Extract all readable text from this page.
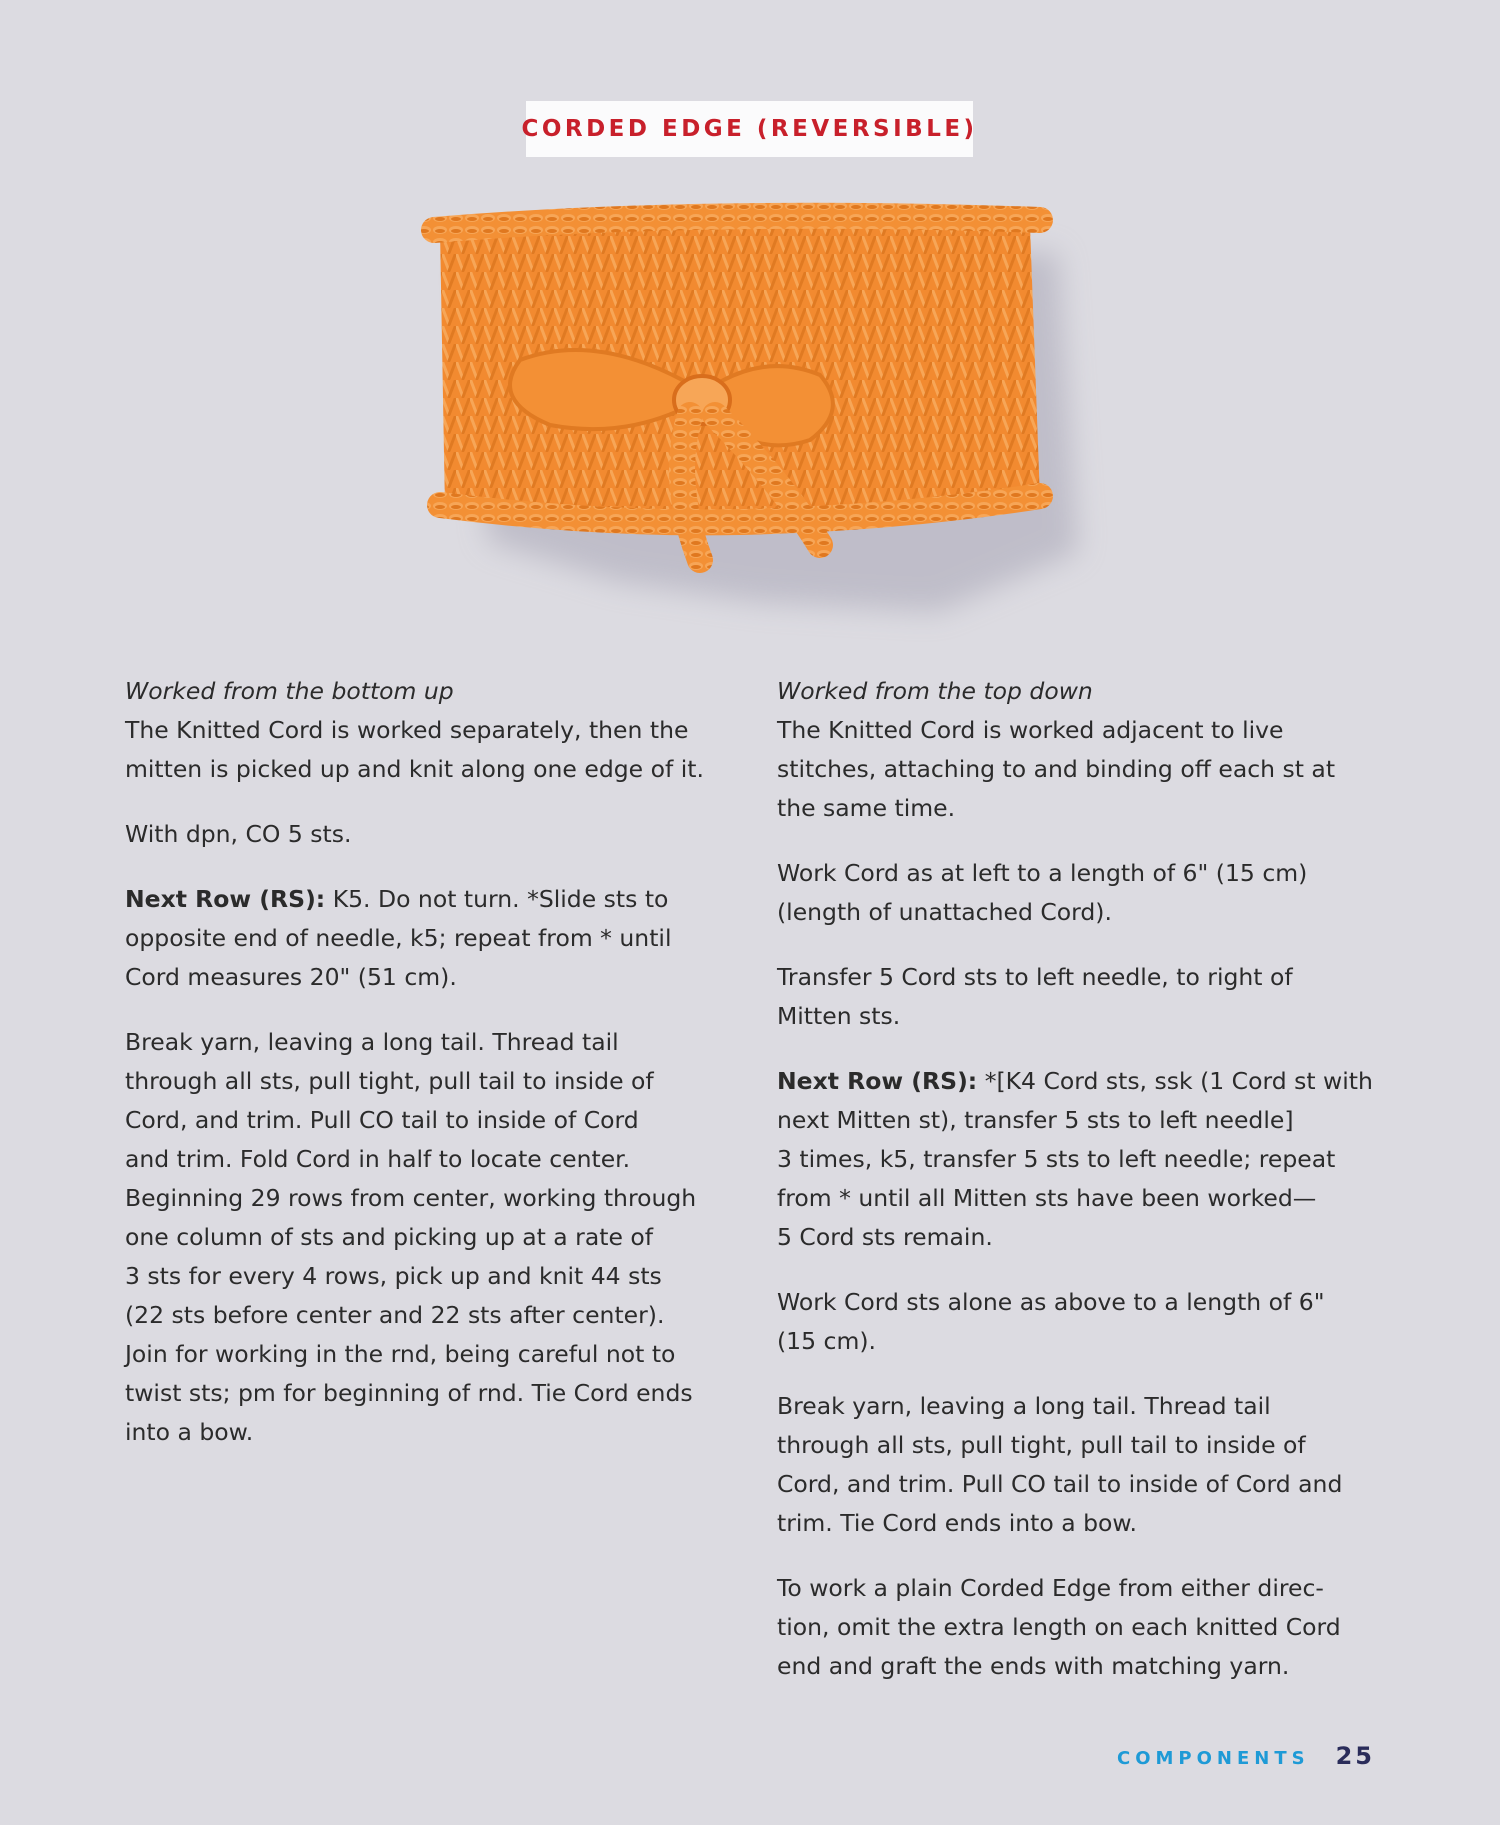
CORDED EDGE (REVERSIBLE)

Worked from the bottom up

The Knitted Cord is worked separately, then the
mitten is picked up and knit along one edge of it.

With dpn, CO 5 sts.

Next Row (RS): K5. Do not turn. *Slide sts to
opposite end of needle, k5; repeat from * until
Cord measures 20" (51 cm).

Break yarn, leaving a long tail. Thread tail
through all sts, pull tight, pull tail to inside of
Cord, and trim. Pull CO tail to inside of Cord
and trim. Fold Cord in half to locate center.
Beginning 29 rows from center, working through
one column of sts and picking up at a rate of
3 sts for every 4 rows, pick up and knit 44 sts
(22 sts before center and 22 sts after center).
Join for working in the rnd, being careful not to
twist sts; pm for beginning of rnd. Tie Cord ends
into a bow.

Worked from the top down

The Knitted Cord is worked adjacent to live
stitches, attaching to and binding off each st at
the same time.

Work Cord as at left to a length of 6" (15 cm)
(length of unattached Cord).

Transfer 5 Cord sts to left needle, to right of
Mitten sts.

Next Row (RS): *[K4 Cord sts, ssk (1 Cord st with
next Mitten st), transfer 5 sts to left needle]
3 times, k5, transfer 5 sts to left needle; repeat
from * until all Mitten sts have been worked—
5 Cord sts remain.

Work Cord sts alone as above to a length of 6"
(15 cm).

Break yarn, leaving a long tail. Thread tail
through all sts, pull tight, pull tail to inside of
Cord, and trim. Pull CO tail to inside of Cord and
trim. Tie Cord ends into a bow.

To work a plain Corded Edge from either direc-
tion, omit the extra length on each knitted Cord
end and graft the ends with matching yarn.

COMPONENTS 25
